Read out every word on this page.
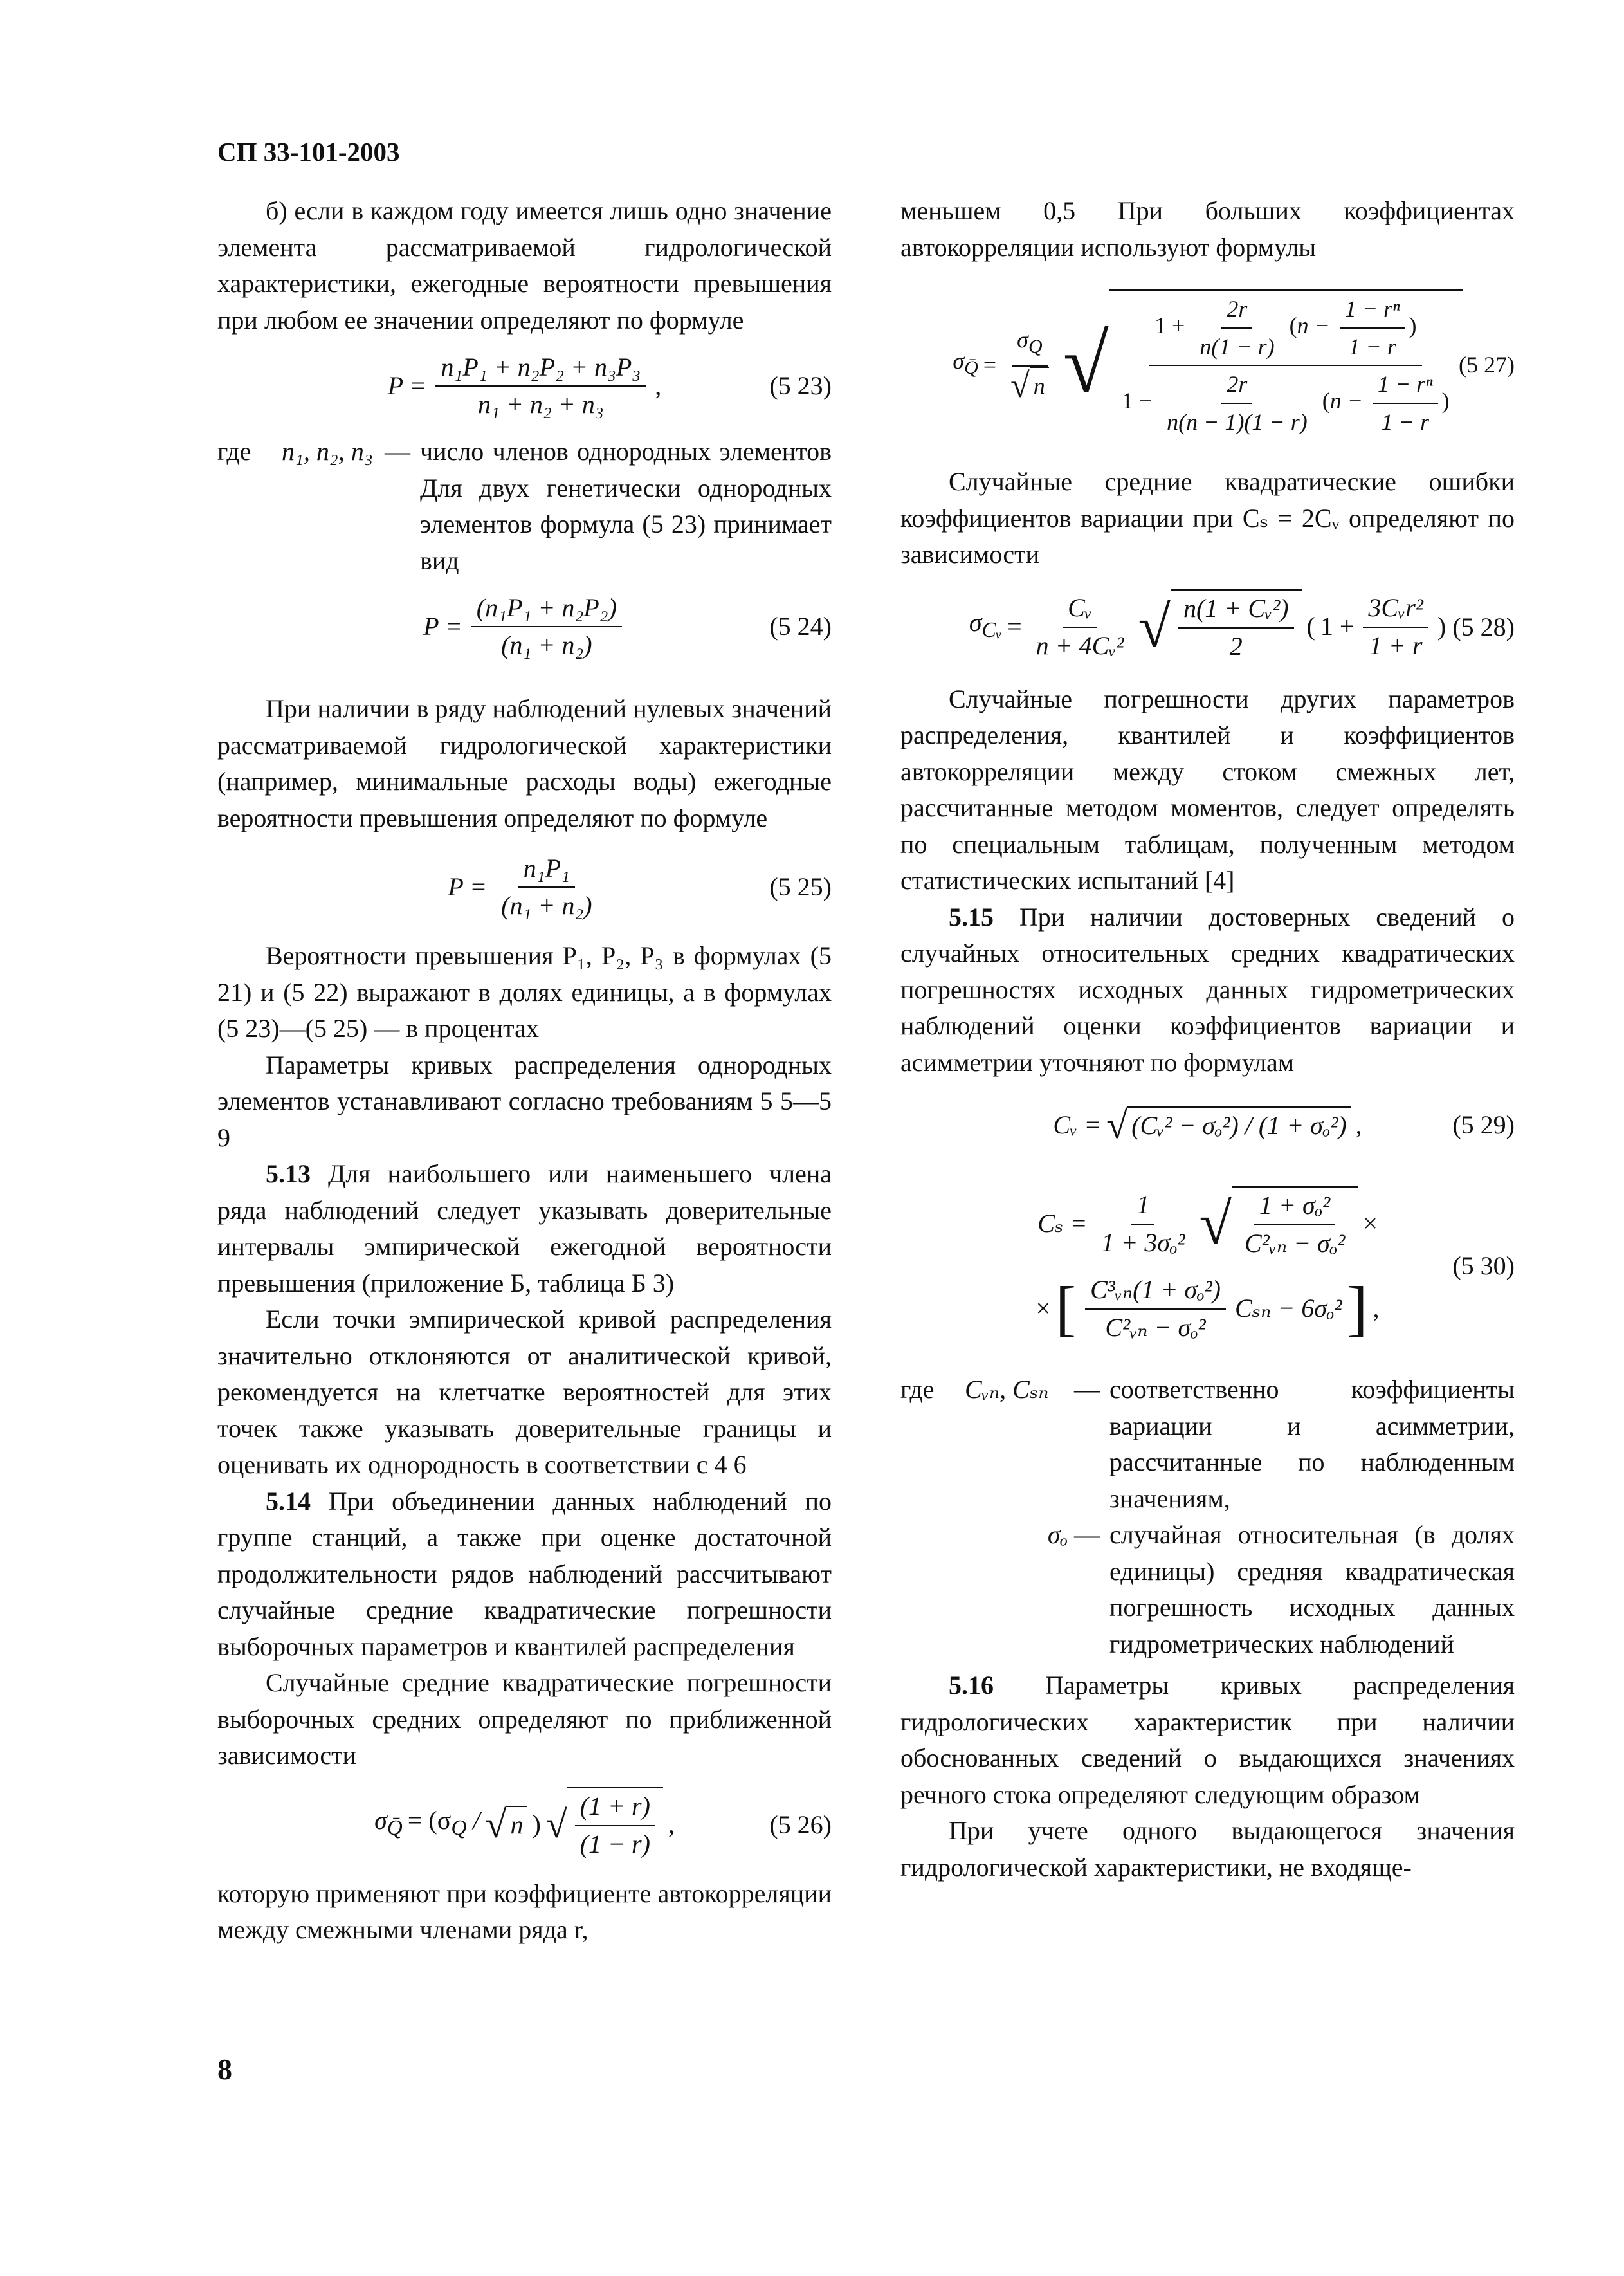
СП 33-101-2003

б) если в каждом году имеется лишь одно значение элемента рассматриваемой гидрологической характеристики, ежегодные вероятности превышения при любом ее значении определяют по формуле

$P = \frac{\text{n₁P₁ + n₂P₂ + n₃P₃}}{\text{n₁ + n₂ + n₃}}$ ,	(5 23)
где	n₁, n₂, n₃ — число членов однородных элементов Для двух генетически однородных элементов формула (5 23) принимает вид
$P = \frac{\text{(n₁P₁ + n₂P₂)}}{\text{(n₁ + n₂)}}$	(5 24)

При наличии в ряду наблюдений нулевых значений рассматриваемой гидрологической характеристики (например, минимальные расходы воды) ежегодные вероятности превышения определяют по формуле

$P = \frac{\text{n₁P₁}}{\text{(n₁ + n₂)}}$	(5 25)

Вероятности превышения P₁, P₂, P₃ в формулах (5 21) и (5 22) выражают в долях единицы, а в формулах (5 23)—(5 25) — в процентах

Параметры кривых распределения однородных элементов устанавливают согласно требованиям 5 5—5 9

5.13 Для наибольшего или наименьшего члена ряда наблюдений следует указывать доверительные интервалы эмпирической ежегодной вероятности превышения (приложение Б, таблица Б 3)

Если точки эмпирической кривой распределения значительно отклоняются от аналитической кривой, рекомендуется на клетчатке вероятностей для этих точек также указывать доверительные границы и оценивать их однородность в соответствии с 4 6

5.14 При объединении данных наблюдений по группе станций, а также при оценке достаточной продолжительности рядов наблюдений рассчитывают случайные средние квадратические погрешности выборочных параметров и квантилей распределения

Случайные средние квадратические погрешности выборочных средних определяют по приближенной зависимости

$\sigma_{Q̄} = (\sigma_Q$ / √ n ) √ $\frac{(1 + r)}{(1 - r)}$ ,	(5 26)

которую применяют при коэффициенте автокорреляции между смежными членами ряда r,

меньшем 0,5 При больших коэффициентах автокорреляции используют формулы

$\sigma_{Q̄} = \frac{\sigma_Q}{√ n}$ √ $1 + \frac{2r}{n(1 - r)} (n - \frac{\text{1 − rⁿ}}{1 - r}$ )
$1 - \frac{2r}{n(n - 1)(1 - r)} (n - \frac{\text{1 − rⁿ}}{1 - r}$ )
(5 27)

Случайные средние квадратические ошибки коэффициентов вариации при Cₛ = 2Cᵥ определяют по зависимости

$\sigma_{Cᵥ} = \frac{\text{Cᵥ}}{\text{n + 4Cᵥ²}}$ √ $\frac{\text{n(1 + Cᵥ²)}}{2}$ ( $1 + \frac{\text{3Cᵥr²}}{1 + r}$ ) (5 28)

Случайные погрешности других параметров распределения, квантилей и коэффициентов автокорреляции между стоком смежных лет, рассчитанные методом моментов, следует определять по специальным таблицам, полученным методом статистических испытаний [4]

5.15 При наличии достоверных сведений о случайных относительных средних квадратических погрешностях исходных данных гидрометрических наблюдений оценки коэффициентов вариации и асимметрии уточняют по формулам

Cᵥ = √ (Cᵥ² − σₒ²) / (1 + σₒ²) ,	(5 29)
$C_s = \frac{1}{\text{1 + 3σₒ²}}$ √ $\frac{\text{1 + σₒ²}}{\text{C²ᵥₙ − σₒ²}}$ ×
× [ $\frac{\text{C³ᵥₙ(1 + σₒ²)}}{\text{C²ᵥₙ − σₒ²}}$ Cₛₙ − 6σₒ² ] ,
(5 30)
где	Cᵥₙ, Cₛₙ — соответственно коэффициенты вариации и асимметрии, рассчитанные по наблюденным значениям,
σₒ — случайная относительная (в долях единицы) средняя квадратическая погрешность исходных данных гидрометрических наблюдений

5.16 Параметры кривых распределения гидрологических характеристик при наличии обоснованных сведений о выдающихся значениях речного стока определяют следующим образом

При учете одного выдающегося значения гидрологической характеристики, не входяще-

8
